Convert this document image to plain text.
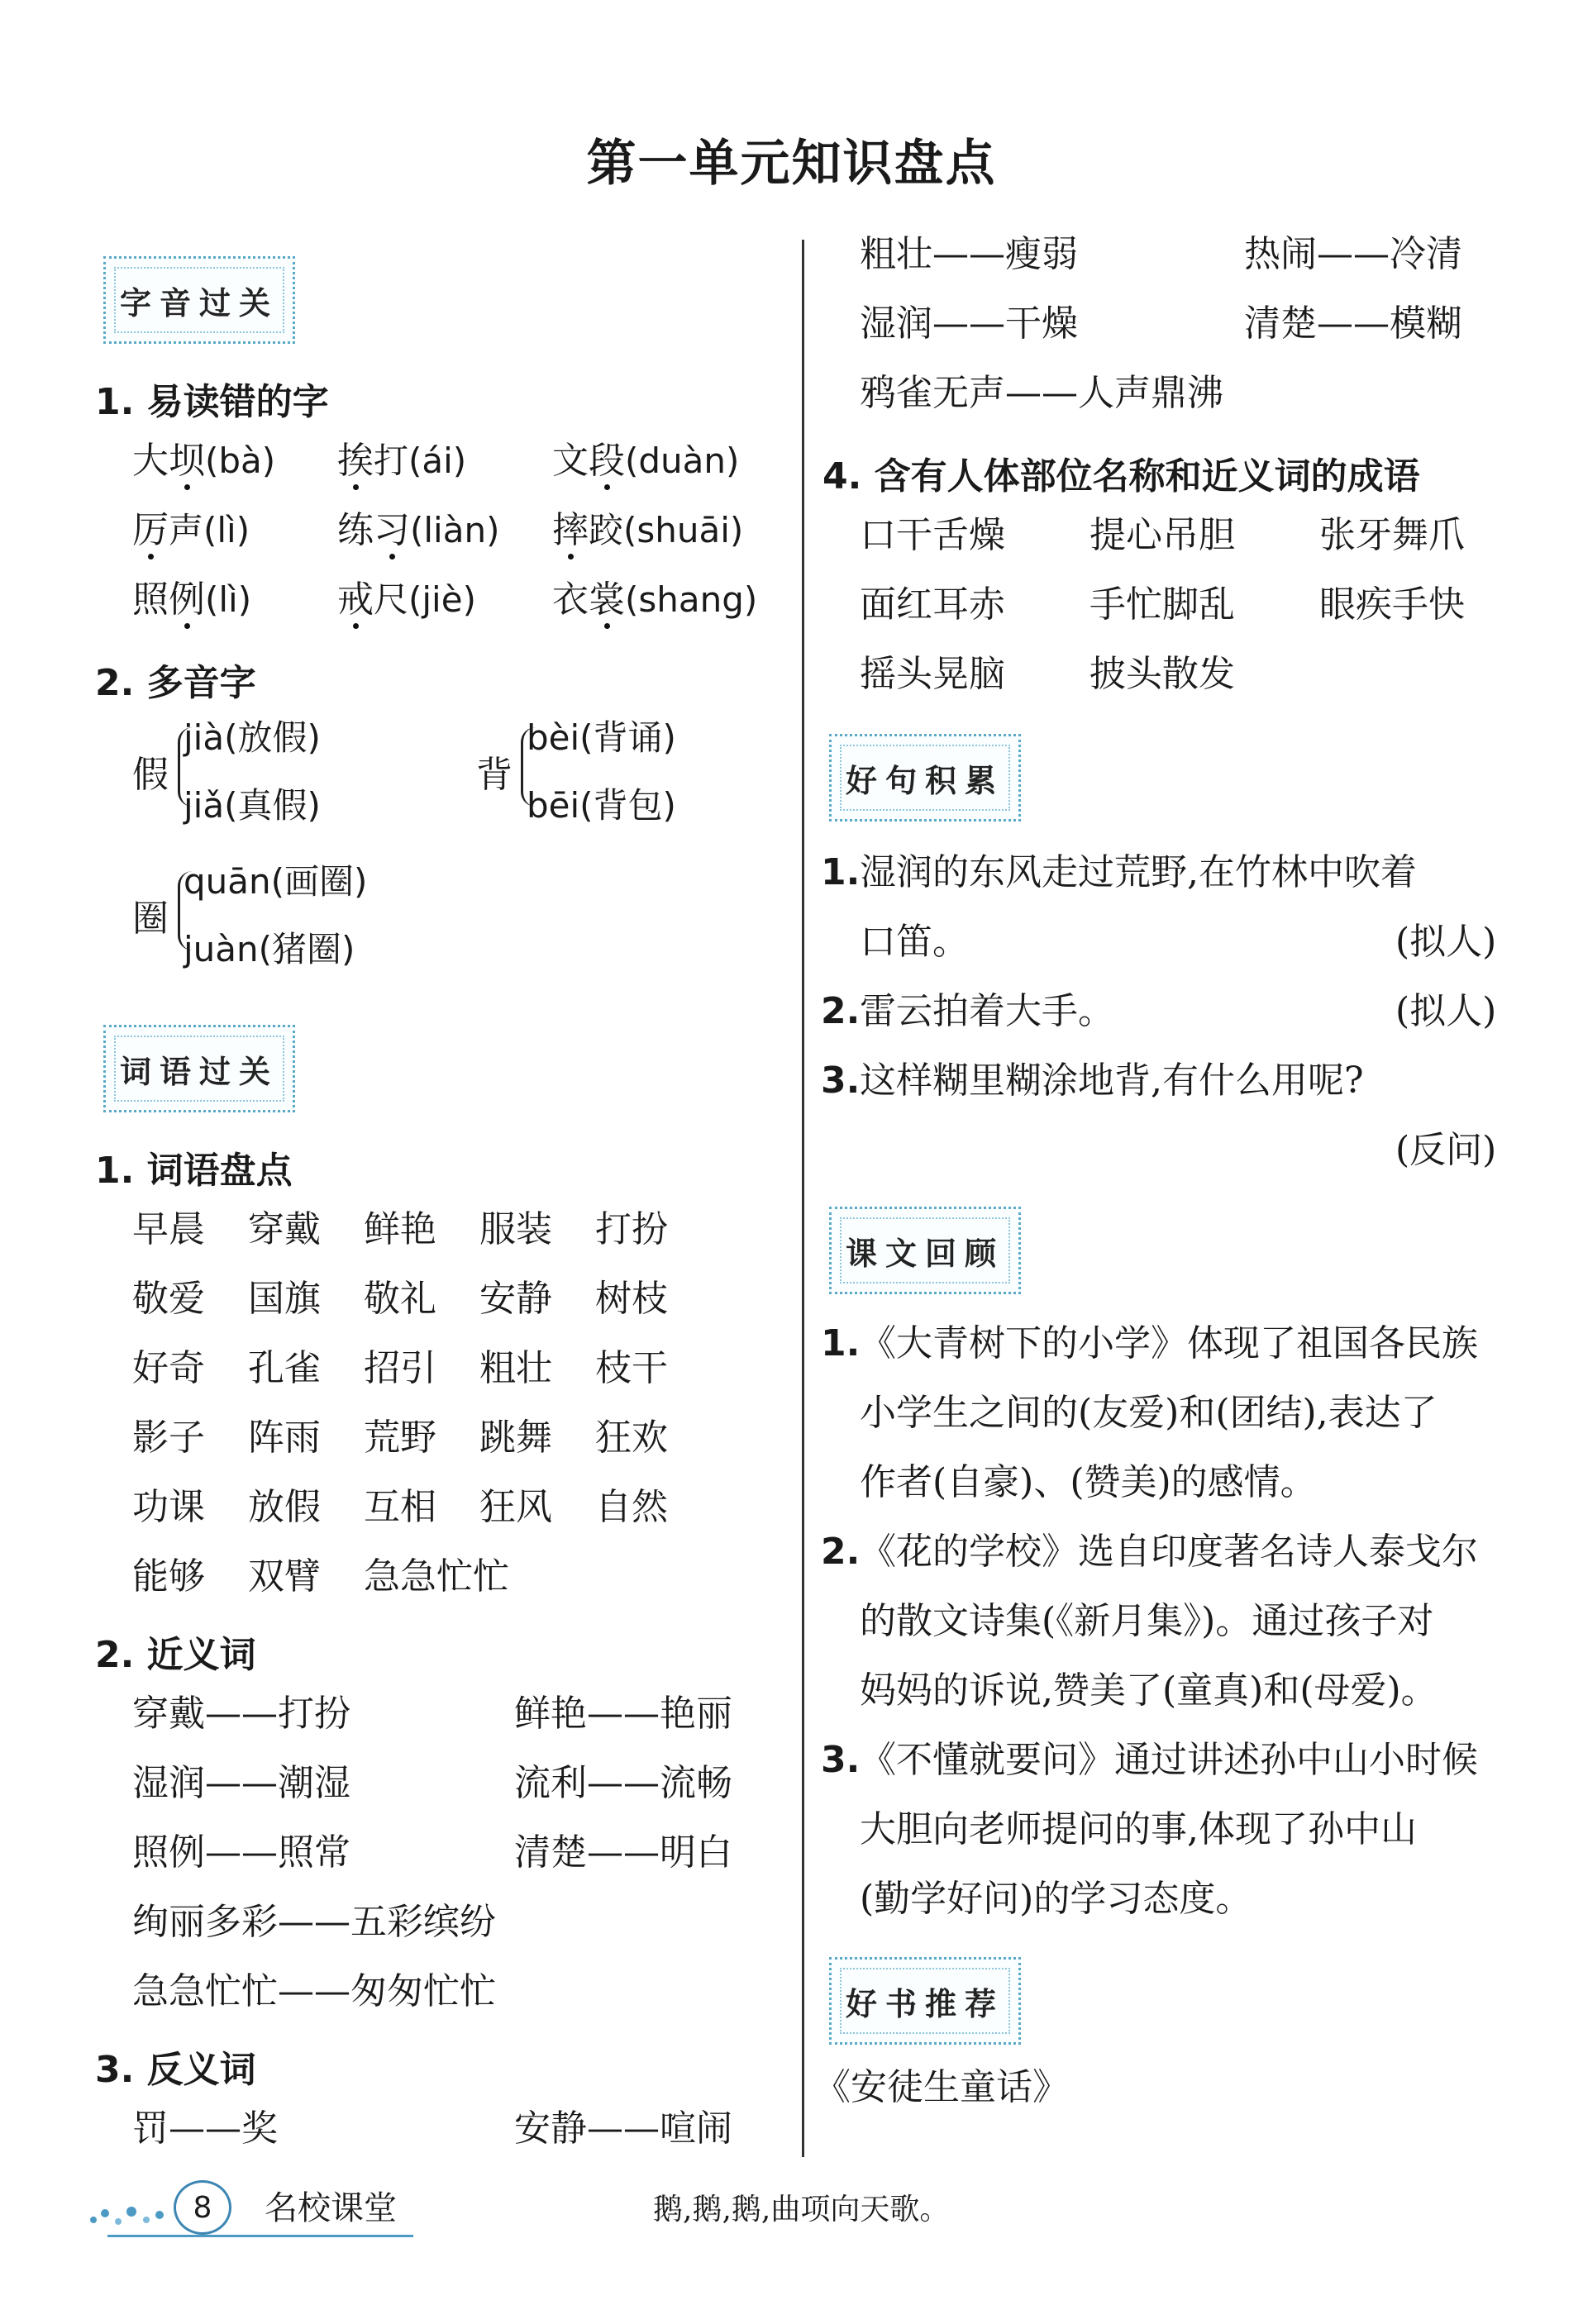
第一单元知识盘点
字音过关
1. 易读错的字
大坝(bà) 挨打(ái) 文段(duàn)
厉声(lì) 练习(liàn) 摔跤(shuāi)
照例(lì) 戒尺(jiè) 衣裳(shang)
2. 多音字
假
jià(放假)
jiǎ(真假)
背
bèi(背诵)
bēi(背包)
圈
quān(画圈)
juàn(猪圈)
词语过关
1. 词语盘点
早晨 穿戴 鲜艳 服装 打扮
敬爱 国旗 敬礼 安静 树枝
好奇 孔雀 招引 粗壮 枝干
影子 阵雨 荒野 跳舞 狂欢
功课 放假 互相 狂风 自然
能够 双臂 急急忙忙
2. 近义词
穿戴——打扮	鲜艳——艳丽
湿润——潮湿	流利——流畅
照例——照常	清楚——明白
绚丽多彩——五彩缤纷
急急忙忙——匆匆忙忙
3. 反义词
罚——奖	安静——喧闹
粗壮——瘦弱	热闹——冷清
湿润——干燥	清楚——模糊
鸦雀无声——人声鼎沸
4. 含有人体部位名称和近义词的成语
口干舌燥 提心吊胆 张牙舞爪
面红耳赤 手忙脚乱 眼疾手快
摇头晃脑 披头散发
好句积累
1. 湿润的东风走过荒野,在竹林中吹着
口笛。	(拟人)
2. 雷云拍着大手。	(拟人)
3. 这样糊里糊涂地背,有什么用呢?
(反问)
课文回顾
1. 《大青树下的小学》体现了祖国各民族
小学生之间的(友爱)和(团结),表达了
作者(自豪)、(赞美)的感情。
2. 《花的学校》选自印度著名诗人泰戈尔
的散文诗集(《新月集》)。通过孩子对
妈妈的诉说,赞美了(童真)和(母爱)。
3. 《不懂就要问》通过讲述孙中山小时候
大胆向老师提问的事,体现了孙中山
(勤学好问)的学习态度。
好书推荐
《安徒生童话》
8	名校课堂	鹅,鹅,鹅,曲项向天歌。
